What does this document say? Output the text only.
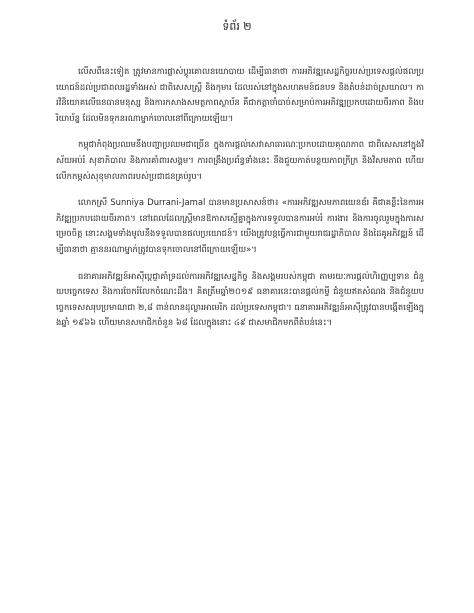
ទំព័រ ២

លើសពីនេះទៀត ត្រូវមានការផ្លាស់ប្តូរគោលនយោបាយ ដើម្បីធានាថា ការអភិវឌ្ឍសេដ្ឋកិច្ចរបស់ប្រទេសផ្តល់ផលប្រយោជន៍ដល់ប្រជាពលរដ្ឋទាំងអស់ ជាពិសេសស្ត្រី និងកុមារ ដែលរស់នៅក្នុងសហគមន៍ជនបទ និងតំបន់ដាច់ស្រយាល។ ការវិនិយោគលើធនធានមនុស្ស និងការកសាងសមត្ថភាពស្ថាប័ន គឺជាកត្តាចាំបាច់សម្រាប់ការអភិវឌ្ឍប្រកបដោយចីរភាព និងបរិយាប័ន្ន ដែលមិនទុកនរណាម្នាក់ចោលនៅពីក្រោយឡើយ។

កម្ពុជាកំពុងប្រឈមនឹងបញ្ហាប្រឈមជាច្រើន ក្នុងការផ្តល់សេវាសាធារណៈប្រកបដោយគុណភាព ជាពិសេសនៅក្នុងវិស័យអប់រំ សុខាភិបាល និងការគាំពារសង្គម។ ការពង្រឹងប្រព័ន្ធទាំងនេះ នឹងជួយកាត់បន្ថយភាពក្រីក្រ និងវិសមភាព ហើយលើកកម្ពស់សុខុមាលភាពរបស់ប្រជាជនគ្រប់រូប។

លោកស្រី Sunniya Durrani-Jamal បានមានប្រសាសន៍ថា៖ «ការអភិវឌ្ឍសមភាពយេនឌ័រ គឺជាគន្លឹះនៃការអភិវឌ្ឍប្រកបដោយចីរភាព។ នៅពេលដែលស្ត្រីមានឱកាសស្មើគ្នាក្នុងការទទួលបានការអប់រំ ការងារ និងការចូលរួមក្នុងការសម្រេចចិត្ត នោះសង្គមទាំងមូលនឹងទទួលបានផលប្រយោជន៍។ យើងត្រូវបន្តធ្វើការជាមួយរាជរដ្ឋាភិបាល និងដៃគូអភិវឌ្ឍន៍ ដើម្បីធានាថា គ្មាននរណាម្នាក់ត្រូវបានទុកចោលនៅពីក្រោយឡើយ»។

ធនាគារអភិវឌ្ឍន៍អាស៊ីប្តេជ្ញាគាំទ្រដល់ការអភិវឌ្ឍសេដ្ឋកិច្ច និងសង្គមរបស់កម្ពុជា តាមរយៈការផ្តល់ហិរញ្ញប្បទាន ជំនួយបច្ចេកទេស និងការចែករំលែកចំណេះដឹង។ គិតត្រឹមឆ្នាំ២០១៩ ធនាគារនេះបានផ្តល់កម្ចី ជំនួយឥតសំណង និងជំនួយបច្ចេកទេសសរុបប្រមាណជា ២,៨ ពាន់លានដុល្លារអាមេរិក ដល់ប្រទេសកម្ពុជា។ ធនាគារអភិវឌ្ឍន៍អាស៊ីត្រូវបានបង្កើតឡើងក្នុងឆ្នាំ ១៩៦៦ ហើយមានសមាជិកចំនួន ៦៨ ដែលក្នុងនោះ ៤៩ ជាសមាជិកមកពីតំបន់នេះ។
